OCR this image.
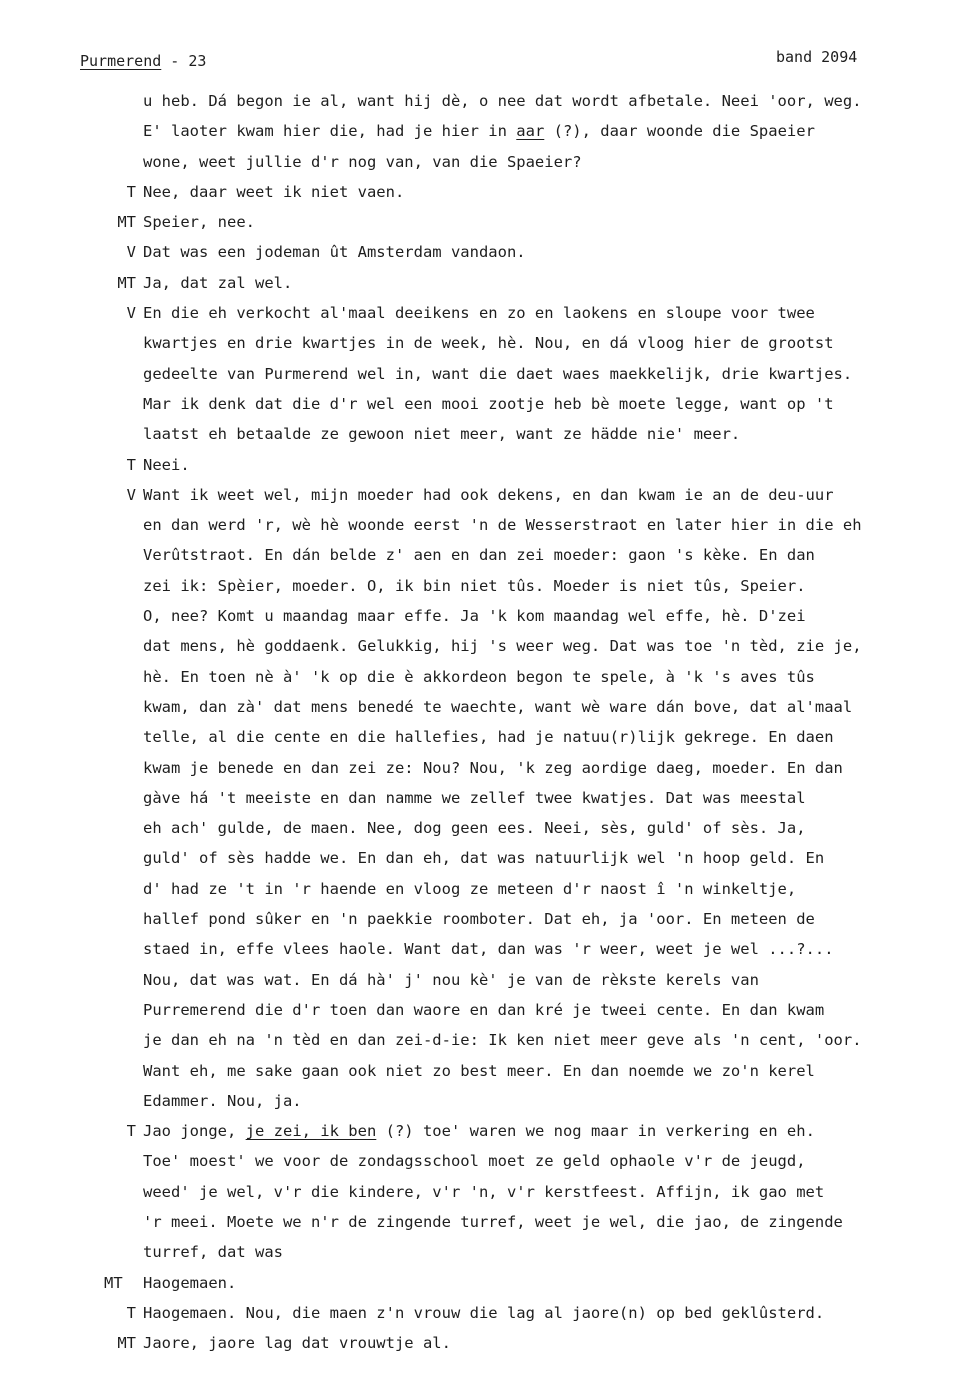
Purmerend - 23	band 2094
u heb. Dá begon ie al, want hij dè, o nee dat wordt afbetale. Neei 'oor, weg.
E' laoter kwam hier die, had je hier in aar (?), daar woonde die Spaeier
wone, weet jullie d'r nog van, van die Spaeier?
T Nee, daar weet ik niet vaen.
MT Speier, nee.
V Dat was een jodeman ût Amsterdam vandaon.
MT Ja, dat zal wel.
V En die eh verkocht al'maal deeikens en zo en laokens en sloupe voor twee
kwartjes en drie kwartjes in de week, hè. Nou, en dá vloog hier de grootst
gedeelte van Purmerend wel in, want die daet waes maekkelijk, drie kwartjes.
Mar ik denk dat die d'r wel een mooi zootje heb bè moete legge, want op 't
laatst eh betaalde ze gewoon niet meer, want ze hädde nie' meer.
T Neei.
V Want ik weet wel, mijn moeder had ook dekens, en dan kwam ie an de deu-uur
en dan werd 'r, wè hè woonde eerst 'n de Wesserstraot en later hier in die eh
Verûtstraot. En dán belde z' aen en dan zei moeder: gaon 's kèke. En dan
zei ik: Spèier, moeder. O, ik bin niet tûs. Moeder is niet tûs, Speier.
O, nee? Komt u maandag maar effe. Ja 'k kom maandag wel effe, hè. D'zei
dat mens, hè goddaenk. Gelukkig, hij 's weer weg. Dat was toe 'n tèd, zie je,
hè. En toen nè à' 'k op die è akkordeon begon te spele, à 'k 's aves tûs
kwam, dan zà' dat mens benedé te waechte, want wè ware dán bove, dat al'maal
telle, al die cente en die hallefies, had je natuu(r)lijk gekrege. En daen
kwam je benede en dan zei ze: Nou? Nou, 'k zeg aordige daeg, moeder. En dan
gàve há 't meeiste en dan namme we zellef twee kwatjes. Dat was meestal
eh ach' gulde, de maen. Nee, dog geen ees. Neei, sès, guld' of sès. Ja,
guld' of sès hadde we. En dan eh, dat was natuurlijk wel 'n hoop geld. En
d' had ze 't in 'r haende en vloog ze meteen d'r naost î 'n winkeltje,
hallef pond sûker en 'n paekkie roomboter. Dat eh, ja 'oor. En meteen de
staed in, effe vlees haole. Want dat, dan was 'r weer, weet je wel ...?...
Nou, dat was wat. En dá hà' j' nou kè' je van de rèkste kerels van
Purremerend die d'r toen dan waore en dan kré je tweei cente. En dan kwam
je dan eh na 'n tèd en dan zei-d-ie: Ik ken niet meer geve als 'n cent, 'oor.
Want eh, me sake gaan ook niet zo best meer. En dan noemde we zo'n kerel
Edammer. Nou, ja.
T Jao jonge, je zei, ik ben (?) toe' waren we nog maar in verkering en eh.
Toe' moest' we voor de zondagsschool moet ze geld ophaole v'r de jeugd,
weed' je wel, v'r die kindere, v'r 'n, v'r kerstfeest. Affijn, ik gao met
'r meei. Moete we n'r de zingende turref, weet je wel, die jao, de zingende
turref, dat was
MT Haogemaen.
T Haogemaen. Nou, die maen z'n vrouw die lag al jaore(n) op bed geklûsterd.
MT Jaore, jaore lag dat vrouwtje al.
